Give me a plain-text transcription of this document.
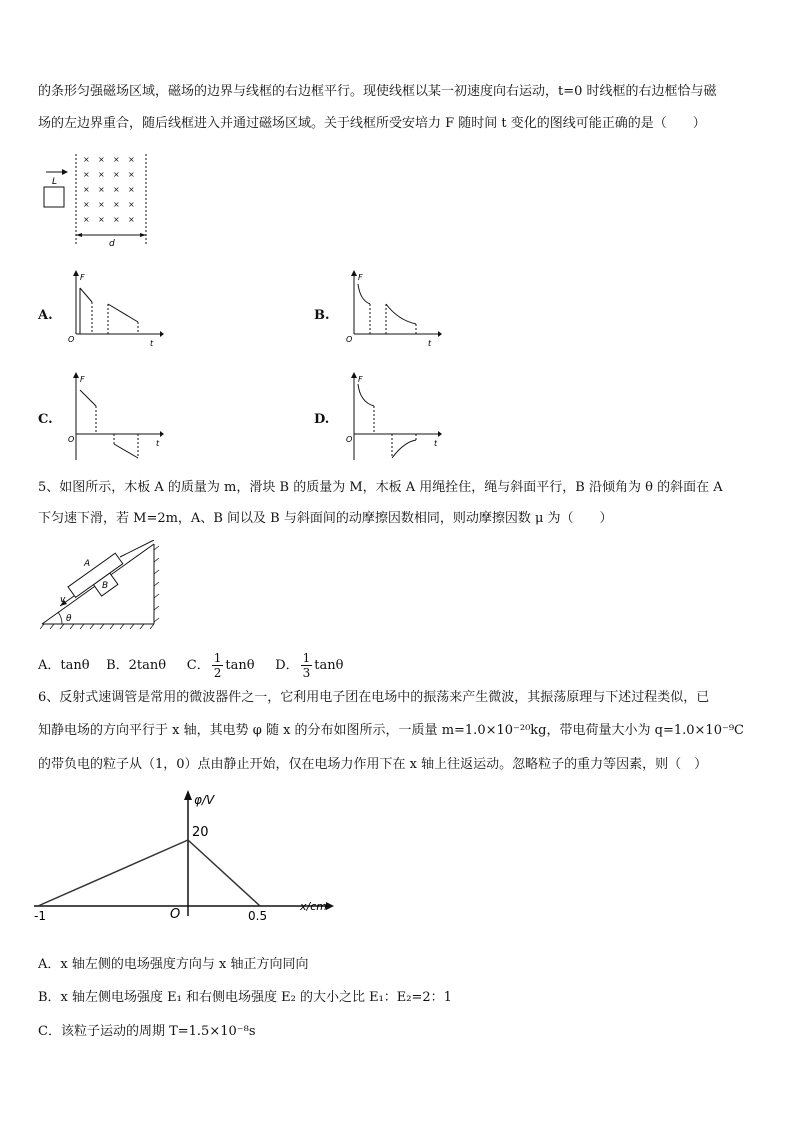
的条形匀强磁场区域，磁场的边界与线框的右边框平行。现使线框以某一初速度向右运动，t=0 时线框的右边框恰与磁
场的左边界重合，随后线框进入并通过磁场区域。关于线框所受安培力 F 随时间 t 变化的图线可能正确的是（　　）
L
× × × ×
× × × ×
× × × ×
× × × ×
× × × ×
d
A.
F
t
O
B.
F
t
O
C.
F
t
O
D.
F
t
O
5、如图所示，木板 A 的质量为 m，滑块 B 的质量为 M，木板 A 用绳拴住，绳与斜面平行，B 沿倾角为 θ 的斜面在 A
下匀速下滑，若 M=2m，A、B 间以及 B 与斜面间的动摩擦因数相同，则动摩擦因数 μ 为（　　）
A
B
v
θ
A．tanθ B．2tanθ C． $\frac{1}{2}$ tanθ D． $\frac{1}{3}$ tanθ
6、反射式速调管是常用的微波器件之一，它利用电子团在电场中的振荡来产生微波，其振荡原理与下述过程类似，已
知静电场的方向平行于 x 轴，其电势 φ 随 x 的分布如图所示，一质量 m=1.0×10⁻²⁰kg，带电荷量大小为 q=1.0×10⁻⁹C
的带负电的粒子从（1，0）点由静止开始，仅在电场力作用下在 x 轴上往返运动。忽略粒子的重力等因素，则（　）
φ/V
x/cm
20
O
-1	0.5
A．x 轴左侧的电场强度方向与 x 轴正方向同向
B．x 轴左侧电场强度 E₁ 和右侧电场强度 E₂ 的大小之比 E₁：E₂=2：1
C．该粒子运动的周期 T=1.5×10⁻⁸s
